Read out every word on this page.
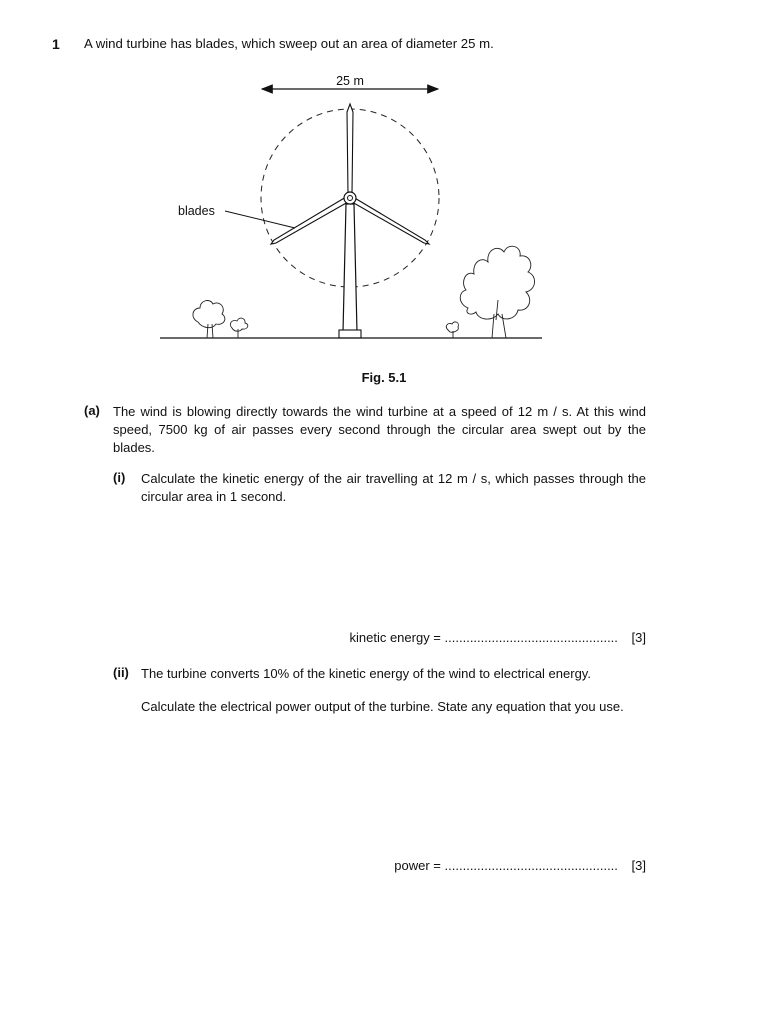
1 A wind turbine has blades, which sweep out an area of diameter 25 m.
25 m
blades
Fig. 5.1
(a) The wind is blowing directly towards the wind turbine at a speed of 12 m / s. At this wind speed, 7500 kg of air passes every second through the circular area swept out by the blades.
(i) Calculate the kinetic energy of the air travelling at 12 m / s, which passes through the circular area in 1 second.
kinetic energy = ................................................ [3]
(ii) The turbine converts 10% of the kinetic energy of the wind to electrical energy.
Calculate the electrical power output of the turbine. State any equation that you use.
power = ................................................ [3]
